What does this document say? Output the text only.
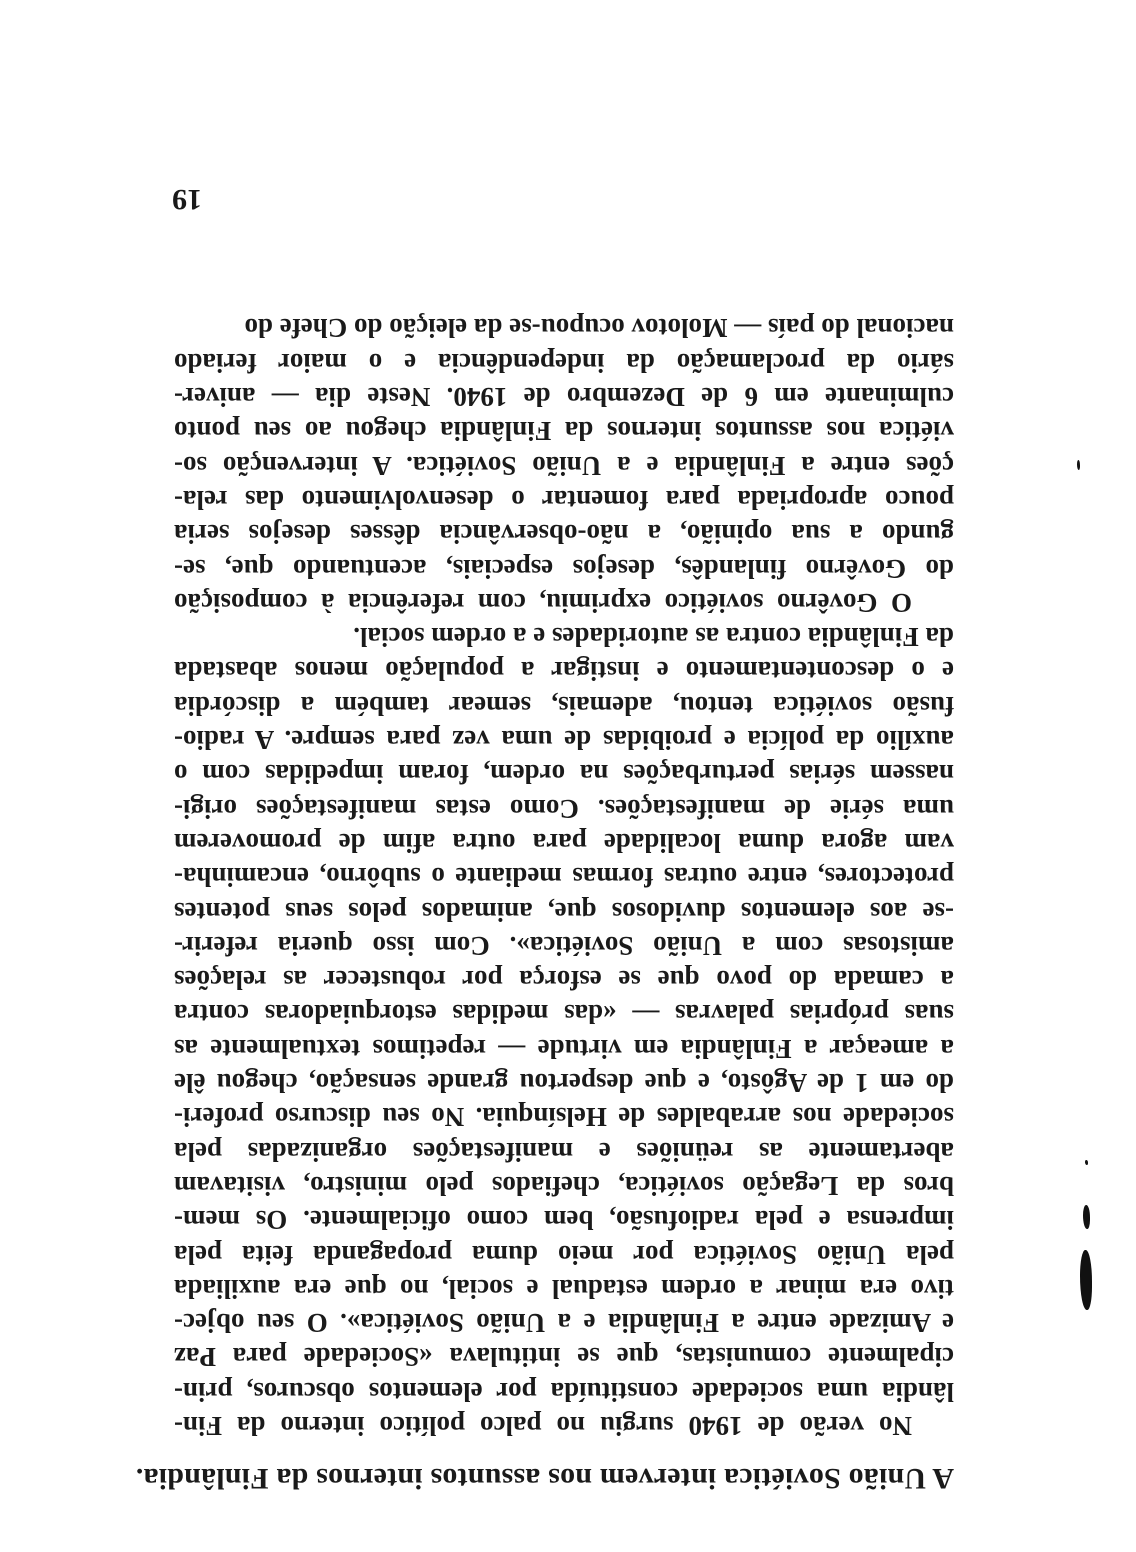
A União Soviética intervem nos assuntos internos da Finlândia.
No verão de 1940 surgiu no palco político interno da Fin-
lândia uma sociedade constituída por elementos obscuros, prin-
cipalmente comunistas, que se intitulava «Sociedade para Paz
e Amizade entre a Finlândia e a União Soviética». O seu objec-
tivo era minar a ordem estadual e social, no que era auxiliada
pela União Soviética por meio duma propaganda feita pela
imprensa e pela radiofusão, bem como oficialmente. Os mem-
bros da Legação soviética, chefiados pelo ministro, visitavam
abertamente as reüniões e manifestações organizadas pela
sociedade nos arrabaldes de Helsínquia. No seu discurso proferi-
do em 1 de Agôsto, e que despertou grande sensação, chegou êle
a ameaçar a Finlândia em virtude — repetimos textualmente as
suas próprias palavras — «das medidas estorquiadoras contra
a camada do povo que se esforça por robustecer as relações
amistosas com a União Soviética». Com isso queria referir-
-se aos elementos duvidosos que, animados pelos seus potentes
protectores, entre outras formas mediante o subôrno, encaminha-
vam agora duma localidade para outra afim de promoverem
uma série de manifestações. Como estas manifestações origi-
nassem sérias perturbações na ordem, foram impedidas com o
auxílio da polícia e proibidas de uma vez para sempre. A radio-
fusão soviética tentou, ademais, semear também a discórdia
e o descontentamento e instigar a população menos abastada
da Finlândia contra as autoridades e a ordem social.
O Govêrno soviético exprimiu, com referência à composição
do Govêrno finlandês, desejos especiais, acentuando que, se-
gundo a sua opinião, a não-observância dêsses desejos seria
pouco apropriada para fomentar o desenvolvimento das rela-
ções entre a Finlândia e a União Soviética. A intervenção so-
viética nos assuntos internos da Finlândia chegou ao seu ponto
culminante em 6 de Dezembro de 1940. Neste dia — aniver-
sário da proclamação da independência e o maior feriado
nacional do país — Molotov ocupou-se da eleição do Chefe do
19
